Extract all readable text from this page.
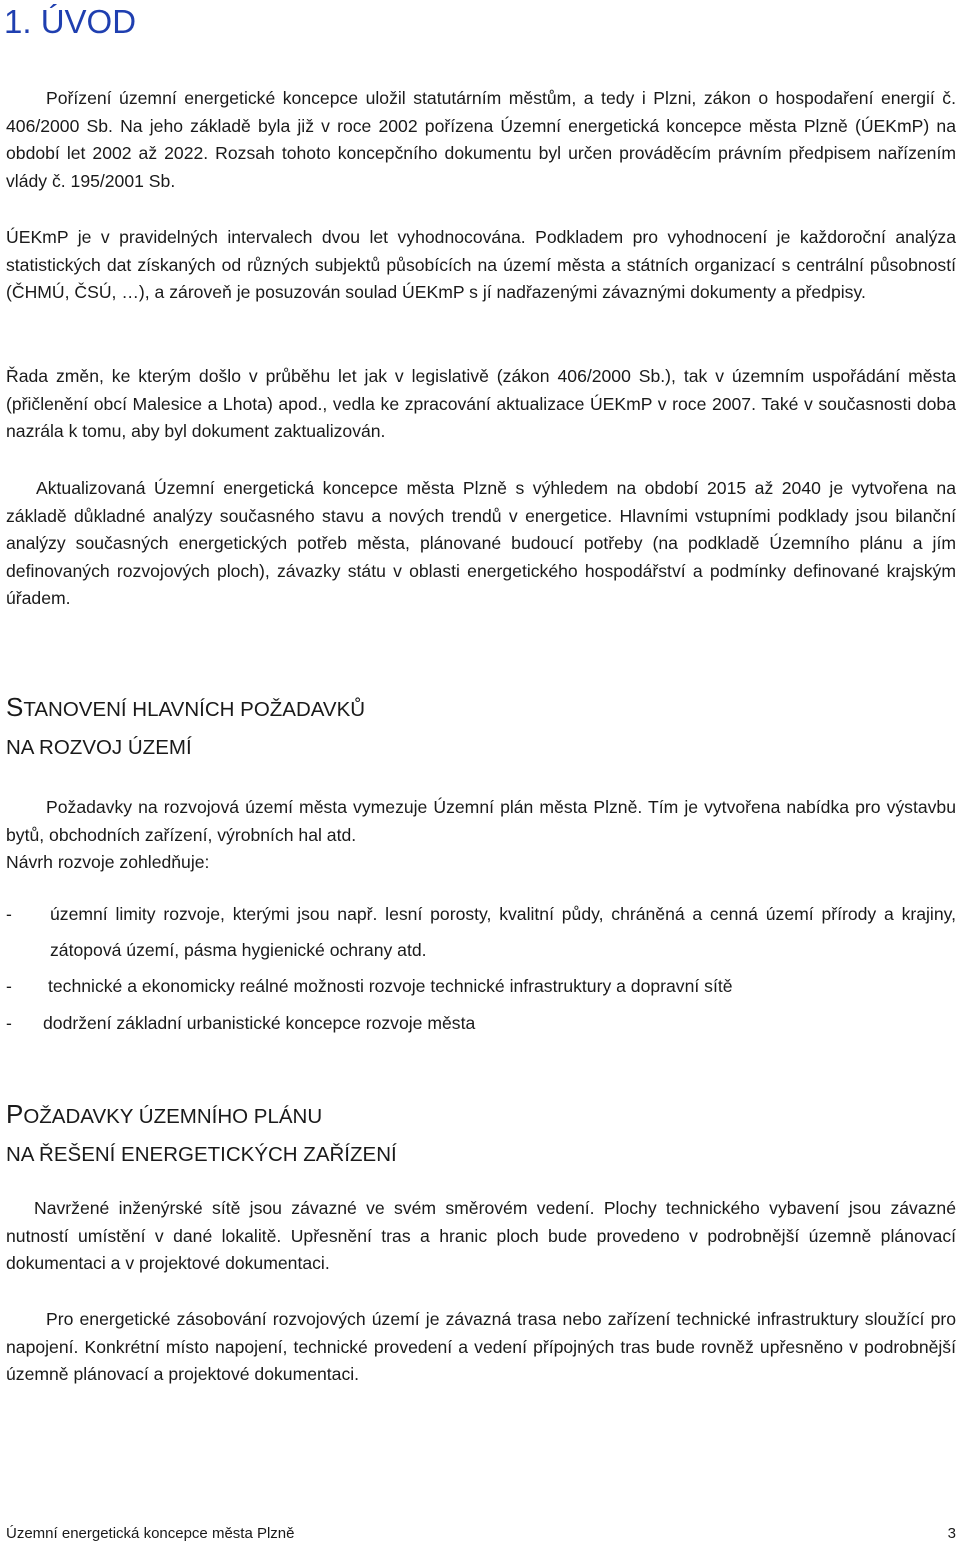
1. ÚVOD

Pořízení územní energetické koncepce uložil statutárním městům, a tedy i Plzni, zákon o hospodaření energií č. 406/2000 Sb. Na jeho základě byla již v roce 2002 pořízena Územní energetická koncepce města Plzně (ÚEKmP) na období let 2002 až 2022. Rozsah tohoto koncepčního dokumentu byl určen prováděcím právním předpisem nařízením vlády č. 195/2001 Sb.

ÚEKmP je v pravidelných intervalech dvou let vyhodnocována. Podkladem pro vyhodnocení je každoroční analýza statistických dat získaných od různých subjektů působících na území města a státních organizací s centrální působností (ČHMÚ, ČSÚ, …), a zároveň je posuzován soulad ÚEKmP s jí nadřazenými závaznými dokumenty a předpisy.

Řada změn, ke kterým došlo v průběhu let jak v legislativě (zákon 406/2000 Sb.), tak v územním uspořádání města (přičlenění obcí Malesice a Lhota) apod., vedla ke zpracování aktualizace ÚEKmP v roce 2007. Také v současnosti doba nazrála k tomu, aby byl dokument zaktualizován.

Aktualizovaná Územní energetická koncepce města Plzně s výhledem na období 2015 až 2040 je vytvořena na základě důkladné analýzy současného stavu a nových trendů v energetice. Hlavními vstupními podklady jsou bilanční analýzy současných energetických potřeb města, plánované budoucí potřeby (na podkladě Územního plánu a jím definovaných rozvojových ploch), závazky státu v oblasti energetického hospodářství a podmínky definované krajským úřadem.

STANOVENÍ HLAVNÍCH POŽADAVKŮ
NA ROZVOJ ÚZEMÍ

Požadavky na rozvojová území města vymezuje Územní plán města Plzně. Tím je vytvořena nabídka pro výstavbu bytů, obchodních zařízení, výrobních hal atd.

Návrh rozvoje zohledňuje:

-	územní limity rozvoje, kterými jsou např. lesní porosty, kvalitní půdy, chráněná a cenná území přírody a krajiny, zátopová území, pásma hygienické ochrany atd.
-	technické a ekonomicky reálné možnosti rozvoje technické infrastruktury a dopravní sítě
-	dodržení základní urbanistické koncepce rozvoje města
POŽADAVKY ÚZEMNÍHO PLÁNU
NA ŘEŠENÍ ENERGETICKÝCH ZAŘÍZENÍ

Navržené inženýrské sítě jsou závazné ve svém směrovém vedení. Plochy technického vybavení jsou závazné nutností umístění v dané lokalitě. Upřesnění tras a hranic ploch bude provedeno v podrobnější územně plánovací dokumentaci a v projektové dokumentaci.

Pro energetické zásobování rozvojových území je závazná trasa nebo zařízení technické infrastruktury sloužící pro napojení. Konkrétní místo napojení, technické provedení a vedení přípojných tras bude rovněž upřesněno v podrobnější územně plánovací a projektové dokumentaci.

Územní energetická koncepce města Plzně	3
